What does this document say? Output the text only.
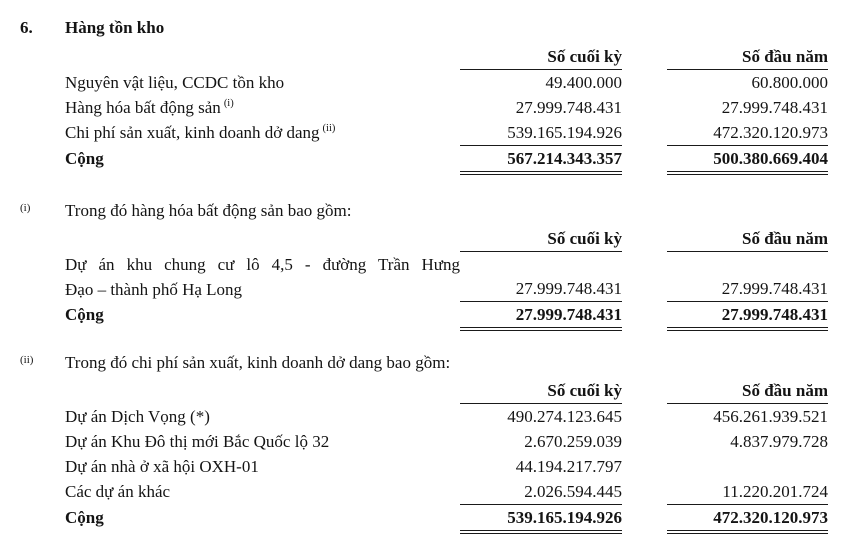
6.	Hàng tồn kho
Số cuối kỳ	Số đầu năm
Nguyên vật liệu, CCDC tồn kho	49.400.000	60.800.000
Hàng hóa bất động sản $^{(i)}$	27.999.748.431	27.999.748.431
Chi phí sản xuất, kinh doanh dở dang $^{(ii)}$	539.165.194.926	472.320.120.973
Cộng	567.214.343.357	500.380.669.404
(i)	Trong đó hàng hóa bất động sản bao gồm:
Số cuối kỳ	Số đầu năm
Dự án khu chung cư lô 4,5 - đường Trần Hưng
Đạo – thành phố Hạ Long	27.999.748.431	27.999.748.431
Cộng	27.999.748.431	27.999.748.431
(ii)	Trong đó chi phí sản xuất, kinh doanh dở dang bao gồm:
Số cuối kỳ	Số đầu năm
Dự án Dịch Vọng (*)	490.274.123.645	456.261.939.521
Dự án Khu Đô thị mới Bắc Quốc lộ 32	2.670.259.039	4.837.979.728
Dự án nhà ở xã hội OXH-01	44.194.217.797
Các dự án khác	2.026.594.445	11.220.201.724
Cộng	539.165.194.926	472.320.120.973
